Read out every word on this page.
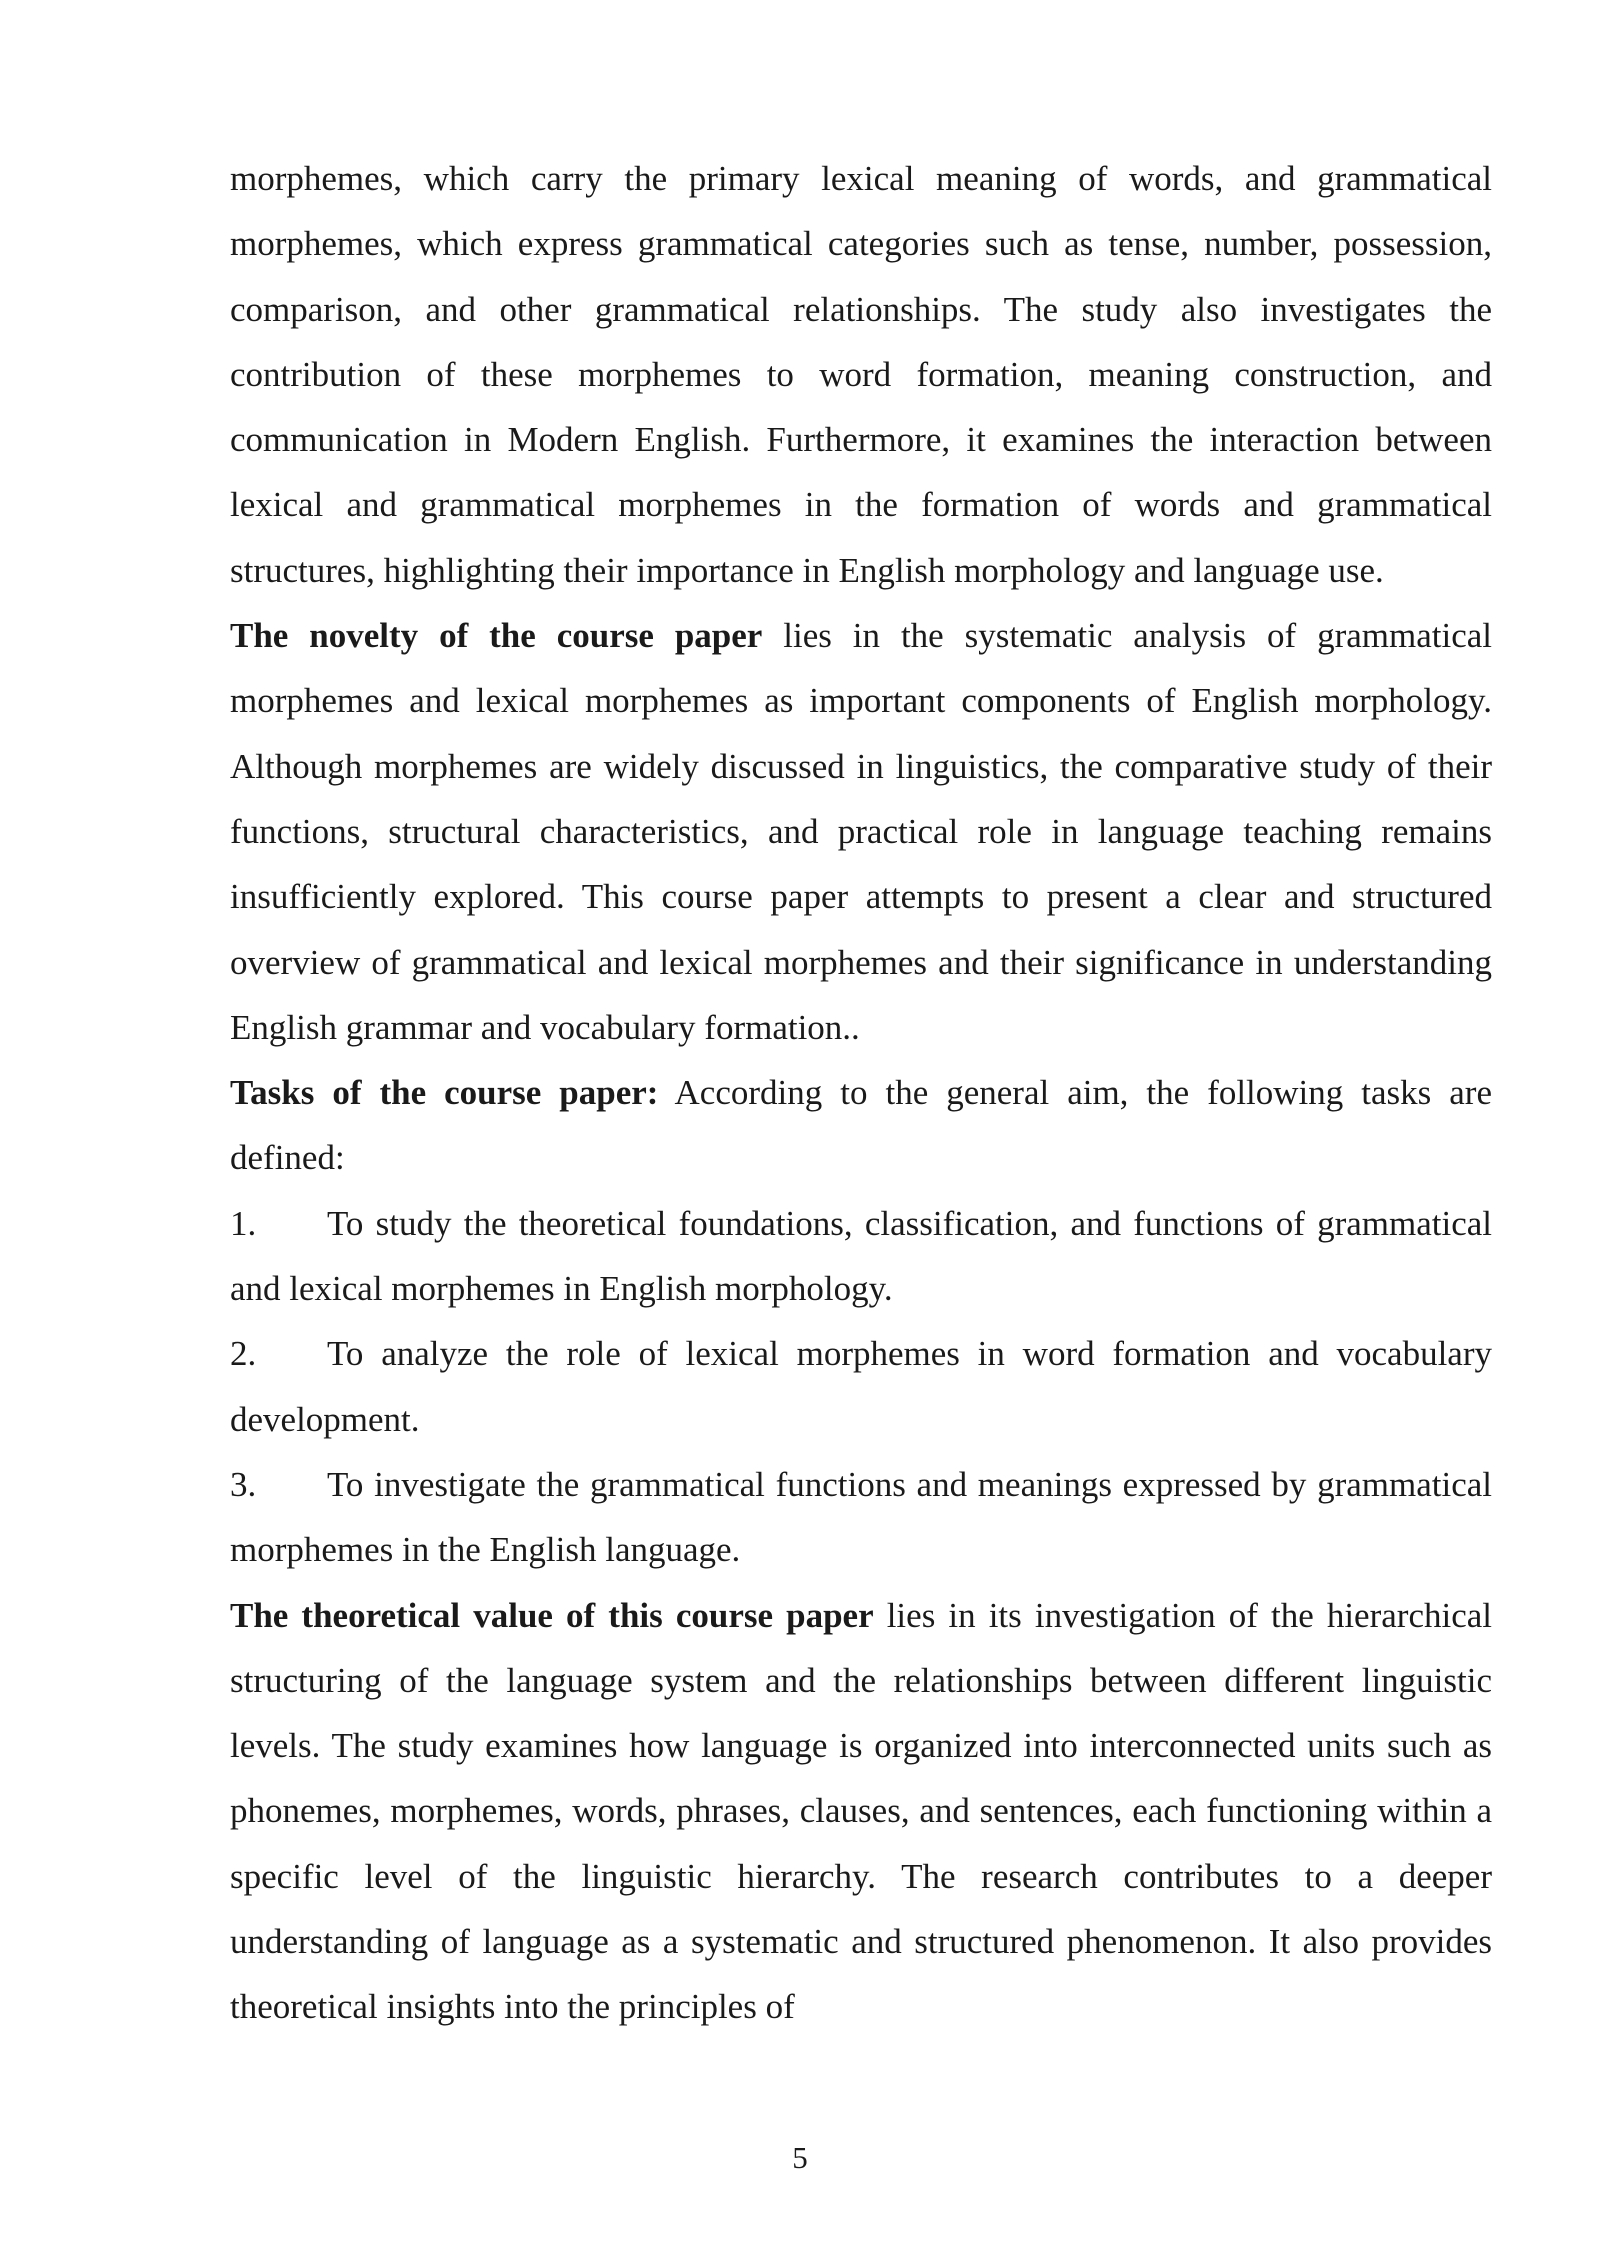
morphemes, which carry the primary lexical meaning of words, and grammatical morphemes, which express grammatical categories such as tense, number, possession, comparison, and other grammatical relationships. The study also investigates the contribution of these morphemes to word formation, meaning construction, and communication in Modern English. Furthermore, it examines the interaction between lexical and grammatical morphemes in the formation of words and grammatical structures, highlighting their importance in English morphology and language use.

The novelty of the course paper lies in the systematic analysis of grammatical morphemes and lexical morphemes as important components of English morphology. Although morphemes are widely discussed in linguistics, the comparative study of their functions, structural characteristics, and practical role in language teaching remains insufficiently explored. This course paper attempts to present a clear and structured overview of grammatical and lexical morphemes and their significance in understanding English grammar and vocabulary formation..

Tasks of the course paper: According to the general aim, the following tasks are defined:

1. To study the theoretical foundations, classification, and functions of grammatical and lexical morphemes in English morphology.

2. To analyze the role of lexical morphemes in word formation and vocabulary development.

3. To investigate the grammatical functions and meanings expressed by grammatical morphemes in the English language.

The theoretical value of this course paper lies in its investigation of the hierarchical structuring of the language system and the relationships between different linguistic levels. The study examines how language is organized into interconnected units such as phonemes, morphemes, words, phrases, clauses, and sentences, each functioning within a specific level of the linguistic hierarchy. The research contributes to a deeper understanding of language as a systematic and structured phenomenon. It also provides theoretical insights into the principles of

5
